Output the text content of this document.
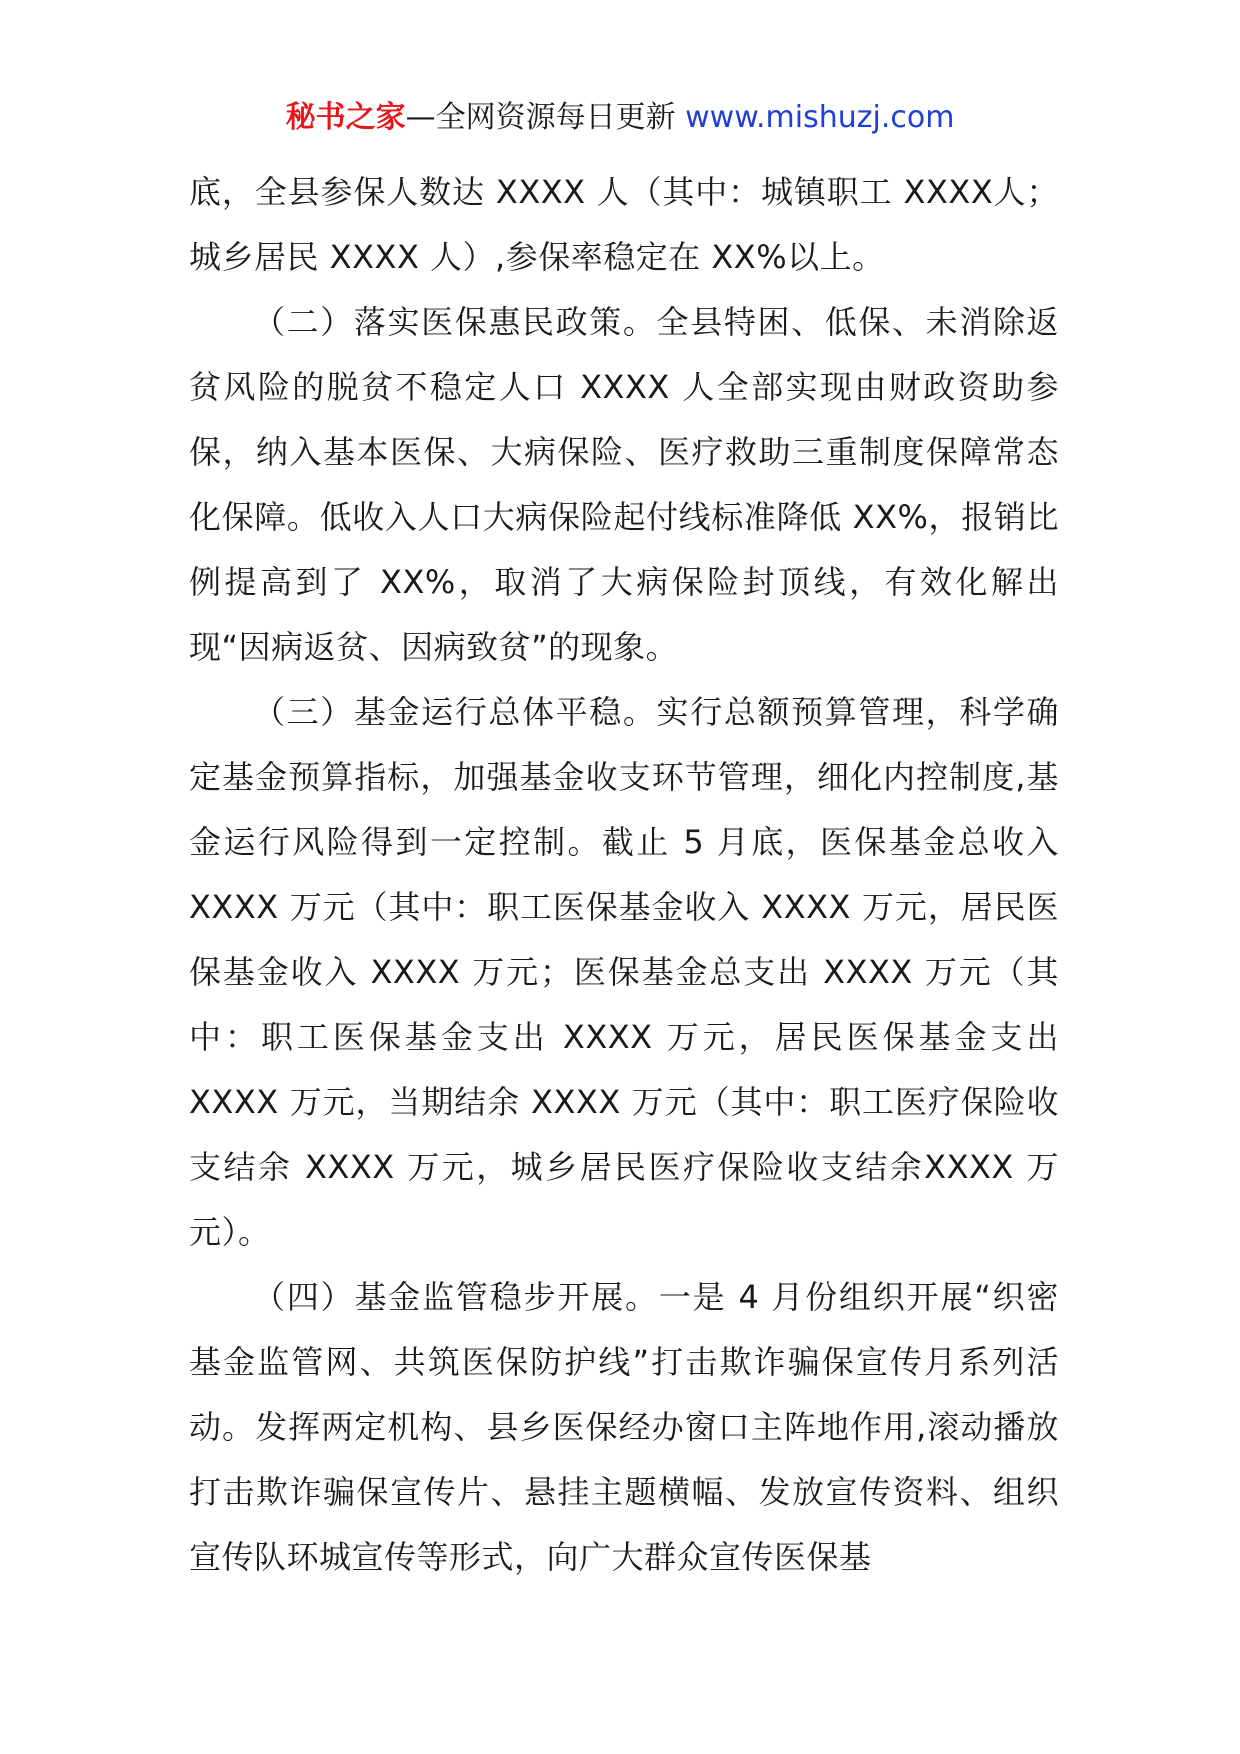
秘书之家—全网资源每日更新 www.mishuzj.com

底，全县参保人数达 XXXX 人（其中：城镇职工 XXXX人；城乡居民 XXXX 人）,参保率稳定在 XX%以上。

（二）落实医保惠民政策。全县特困、低保、未消除返贫风险的脱贫不稳定人口 XXXX 人全部实现由财政资助参保，纳入基本医保、大病保险、医疗救助三重制度保障常态化保障。低收入人口大病保险起付线标准降低 XX%，报销比例提高到了 XX%，取消了大病保险封顶线，有效化解出现“因病返贫、因病致贫”的现象。

（三）基金运行总体平稳。实行总额预算管理，科学确定基金预算指标，加强基金收支环节管理，细化内控制度,基金运行风险得到一定控制。截止 5 月底，医保基金总收入 XXXX 万元（其中：职工医保基金收入 XXXX 万元，居民医保基金收入 XXXX 万元；医保基金总支出 XXXX 万元（其中：职工医保基金支出 XXXX 万元，居民医保基金支出 XXXX 万元，当期结余 XXXX 万元（其中：职工医疗保险收支结余 XXXX 万元，城乡居民医疗保险收支结余XXXX 万元）。

（四）基金监管稳步开展。一是 4 月份组织开展“织密基金监管网、共筑医保防护线”打击欺诈骗保宣传月系列活动。发挥两定机构、县乡医保经办窗口主阵地作用,滚动播放打击欺诈骗保宣传片、悬挂主题横幅、发放宣传资料、组织宣传队环城宣传等形式，向广大群众宣传医保基
